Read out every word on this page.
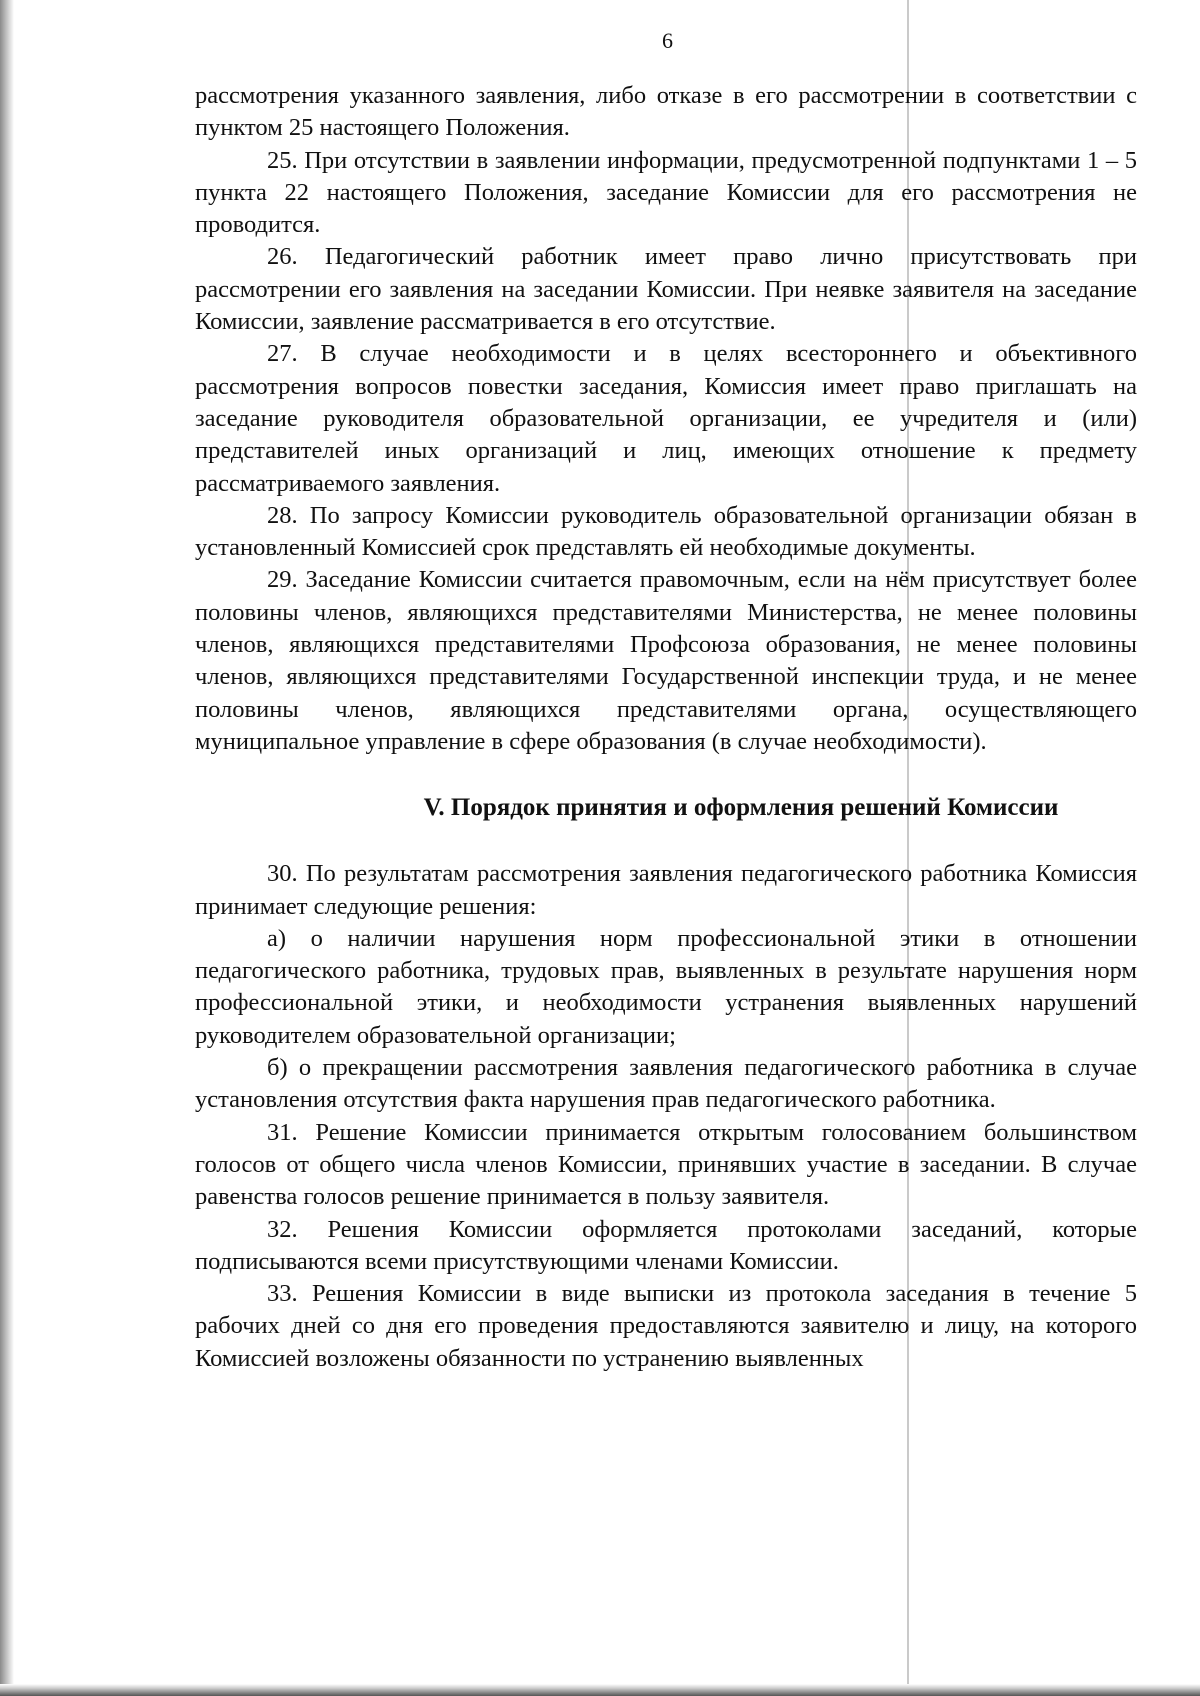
6

рассмотрения указанного заявления, либо отказе в его рассмотрении в соответствии с пунктом 25 настоящего Положения.

25. При отсутствии в заявлении информации, предусмотренной подпунктами 1 – 5 пункта 22 настоящего Положения, заседание Комиссии для его рассмотрения не проводится.

26. Педагогический работник имеет право лично присутствовать при рассмотрении его заявления на заседании Комиссии. При неявке заявителя на заседание Комиссии, заявление рассматривается в его отсутствие.

27. В случае необходимости и в целях всестороннего и объективного рассмотрения вопросов повестки заседания, Комиссия имеет право приглашать на заседание руководителя образовательной организации, ее учредителя и (или) представителей иных организаций и лиц, имеющих отношение к предмету рассматриваемого заявления.

28. По запросу Комиссии руководитель образовательной организации обязан в установленный Комиссией срок представлять ей необходимые документы.

29. Заседание Комиссии считается правомочным, если на нём присутствует более половины членов, являющихся представителями Министерства, не менее половины членов, являющихся представителями Профсоюза образования, не менее половины членов, являющихся представителями Государственной инспекции труда, и не менее половины членов, являющихся представителями органа, осуществляющего муниципальное управление в сфере образования (в случае необходимости).

V. Порядок принятия и оформления решений Комиссии

30. По результатам рассмотрения заявления педагогического работника Комиссия принимает следующие решения:

а) о наличии нарушения норм профессиональной этики в отношении педагогического работника, трудовых прав, выявленных в результате нарушения норм профессиональной этики, и необходимости устранения выявленных нарушений руководителем образовательной организации;

б) о прекращении рассмотрения заявления педагогического работника в случае установления отсутствия факта нарушения прав педагогического работника.

31. Решение Комиссии принимается открытым голосованием большинством голосов от общего числа членов Комиссии, принявших участие в заседании. В случае равенства голосов решение принимается в пользу заявителя.

32. Решения Комиссии оформляется протоколами заседаний, которые подписываются всеми присутствующими членами Комиссии.

33. Решения Комиссии в виде выписки из протокола заседания в течение 5 рабочих дней со дня его проведения предоставляются заявителю и лицу, на которого Комиссией возложены обязанности по устранению выявленных
